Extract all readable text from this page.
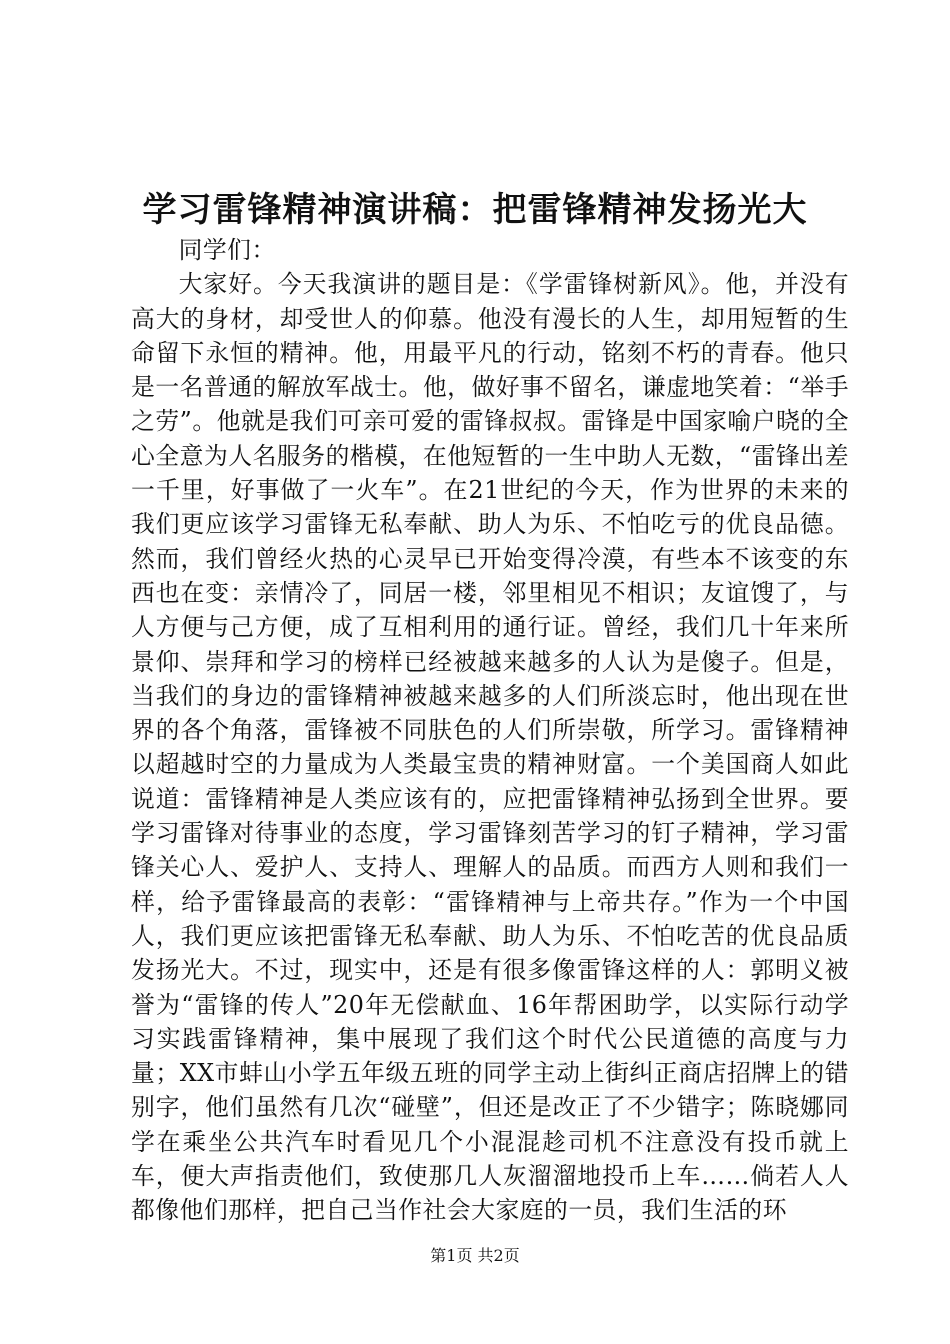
学习雷锋精神演讲稿：把雷锋精神发扬光大

同学们：

大家好。今天我演讲的题目是：《学雷锋树新风》。他，并没有高大的身材，却受世人的仰慕。他没有漫长的人生，却用短暂的生命留下永恒的精神。他，用最平凡的行动，铭刻不朽的青春。他只是一名普通的解放军战士。他，做好事不留名，谦虚地笑着：“举手之劳”。他就是我们可亲可爱的雷锋叔叔。雷锋是中国家喻户晓的全心全意为人名服务的楷模，在他短暂的一生中助人无数，“雷锋出差一千里，好事做了一火车”。在21世纪的今天，作为世界的未来的我们更应该学习雷锋无私奉献、助人为乐、不怕吃亏的优良品德。然而，我们曾经火热的心灵早已开始变得冷漠，有些本不该变的东西也在变：亲情冷了，同居一楼，邻里相见不相识；友谊馊了，与人方便与己方便，成了互相利用的通行证。曾经，我们几十年来所景仰、崇拜和学习的榜样已经被越来越多的人认为是傻子。但是，当我们的身边的雷锋精神被越来越多的人们所淡忘时，他出现在世界的各个角落，雷锋被不同肤色的人们所崇敬，所学习。雷锋精神以超越时空的力量成为人类最宝贵的精神财富。一个美国商人如此说道：雷锋精神是人类应该有的，应把雷锋精神弘扬到全世界。要学习雷锋对待事业的态度，学习雷锋刻苦学习的钉子精神，学习雷锋关心人、爱护人、支持人、理解人的品质。而西方人则和我们一样，给予雷锋最高的表彰：“雷锋精神与上帝共存。”作为一个中国人，我们更应该把雷锋无私奉献、助人为乐、不怕吃苦的优良品质发扬光大。不过，现实中，还是有很多像雷锋这样的人：郭明义被誉为“雷锋的传人”20年无偿献血、16年帮困助学，以实际行动学习实践雷锋精神，集中展现了我们这个时代公民道德的高度与力量；XX市蚌山小学五年级五班的同学主动上街纠正商店招牌上的错别字，他们虽然有几次“碰壁”，但还是改正了不少错字；陈晓娜同学在乘坐公共汽车时看见几个小混混趁司机不注意没有投币就上车，便大声指责他们，致使那几人灰溜溜地投币上车……倘若人人都像他们那样，把自己当作社会大家庭的一员，我们生活的环

第1页 共2页
